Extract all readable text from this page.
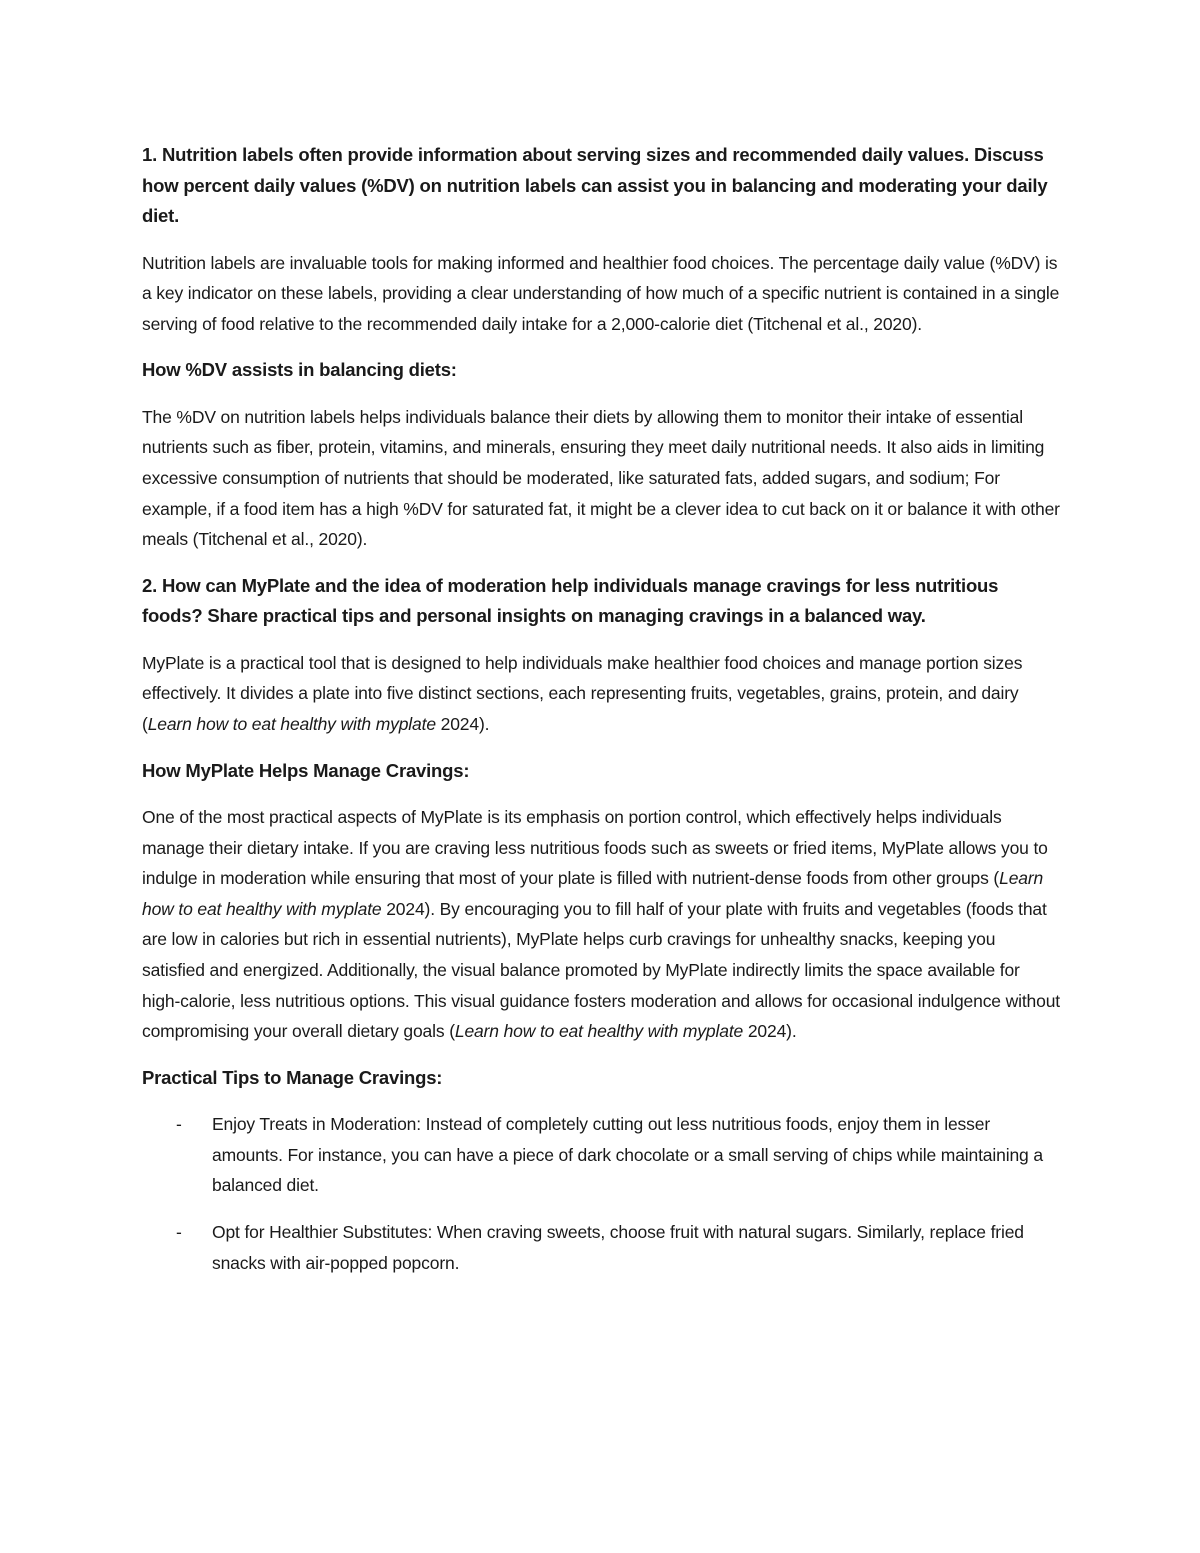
1. Nutrition labels often provide information about serving sizes and recommended daily values. Discuss how percent daily values (%DV) on nutrition labels can assist you in balancing and moderating your daily diet.

Nutrition labels are invaluable tools for making informed and healthier food choices. The percentage daily value (%DV) is a key indicator on these labels, providing a clear understanding of how much of a specific nutrient is contained in a single serving of food relative to the recommended daily intake for a 2,000-calorie diet (Titchenal et al., 2020).

How %DV assists in balancing diets:

The %DV on nutrition labels helps individuals balance their diets by allowing them to monitor their intake of essential nutrients such as fiber, protein, vitamins, and minerals, ensuring they meet daily nutritional needs. It also aids in limiting excessive consumption of nutrients that should be moderated, like saturated fats, added sugars, and sodium; For example, if a food item has a high %DV for saturated fat, it might be a clever idea to cut back on it or balance it with other meals (Titchenal et al., 2020).

2. How can MyPlate and the idea of moderation help individuals manage cravings for less nutritious foods? Share practical tips and personal insights on managing cravings in a balanced way.

MyPlate is a practical tool that is designed to help individuals make healthier food choices and manage portion sizes effectively. It divides a plate into five distinct sections, each representing fruits, vegetables, grains, protein, and dairy (Learn how to eat healthy with myplate 2024).

How MyPlate Helps Manage Cravings:

One of the most practical aspects of MyPlate is its emphasis on portion control, which effectively helps individuals manage their dietary intake. If you are craving less nutritious foods such as sweets or fried items, MyPlate allows you to indulge in moderation while ensuring that most of your plate is filled with nutrient-dense foods from other groups (Learn how to eat healthy with myplate 2024). By encouraging you to fill half of your plate with fruits and vegetables (foods that are low in calories but rich in essential nutrients), MyPlate helps curb cravings for unhealthy snacks, keeping you satisfied and energized. Additionally, the visual balance promoted by MyPlate indirectly limits the space available for high-calorie, less nutritious options. This visual guidance fosters moderation and allows for occasional indulgence without compromising your overall dietary goals (Learn how to eat healthy with myplate 2024).

Practical Tips to Manage Cravings:

- Enjoy Treats in Moderation: Instead of completely cutting out less nutritious foods, enjoy them in lesser amounts. For instance, you can have a piece of dark chocolate or a small serving of chips while maintaining a balanced diet.
- Opt for Healthier Substitutes: When craving sweets, choose fruit with natural sugars. Similarly, replace fried snacks with air-popped popcorn.
